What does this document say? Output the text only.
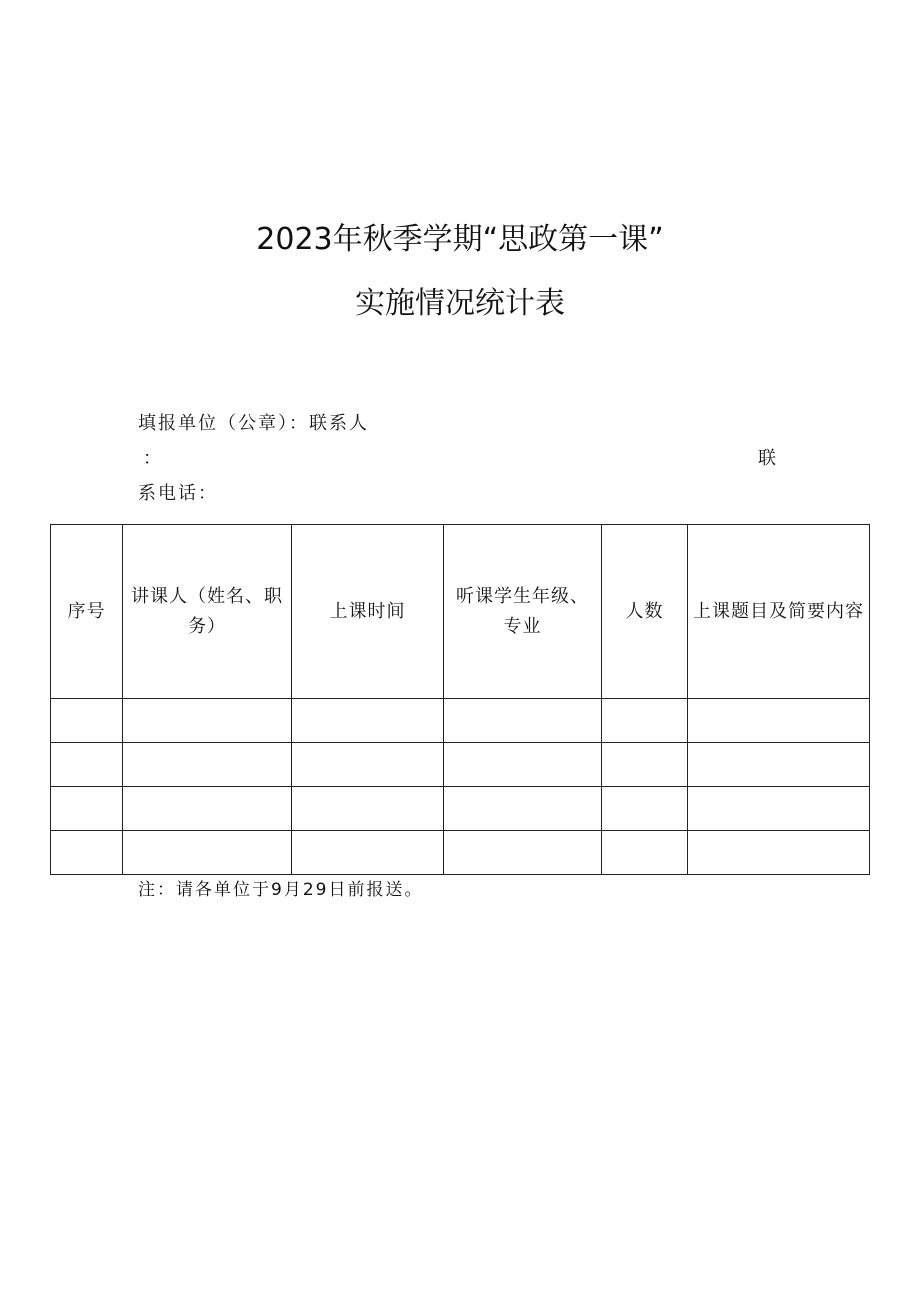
2023年秋季学期“思政第一课”
实施情况统计表
填报单位（公章）：联系人
：	联
系电话：
序号	讲课人（姓名、职务）	上课时间	听课学生年级、专业	人数	上课题目及简要内容

注：请各单位于9月29日前报送。
